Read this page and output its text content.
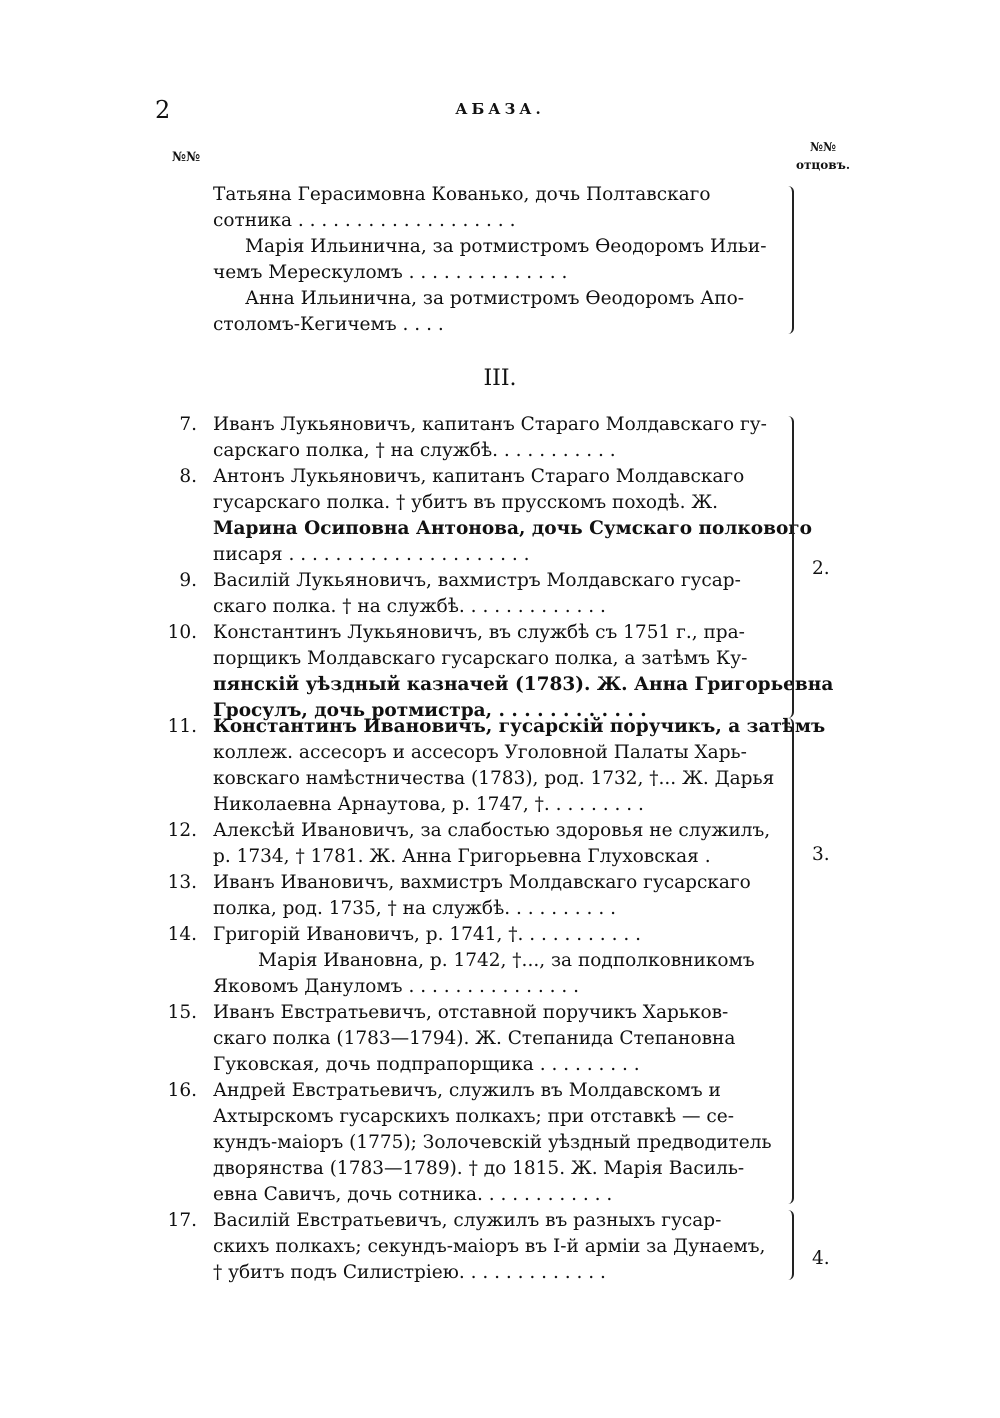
2	АБАЗА.
№№
№№ отцовъ.
Татьяна Герасимовна Кованько, дочь Полтавскаго
сотника . . . . . . . . . . . . . . . . . . .
Марія Ильинична, за ротмистромъ Өеодоромъ Ильи-
чемъ Мерескуломъ . . . . . . . . . . . . . .
Анна Ильинична, за ротмистромъ Өеодоромъ Апо-
столомъ-Кегичемъ . . . .
III.
7. Иванъ Лукьяновичъ, капитанъ Стараго Молдавскаго гу-
сарскаго полка, † на службѣ. . . . . . . . . . .
8. Антонъ Лукьяновичъ, капитанъ Стараго Молдавскаго
гусарскаго полка. † убитъ въ прусскомъ походѣ. Ж.
Марина Осиповна Антонова, дочь Сумскаго полкового
писаря . . . . . . . . . . . . . . . . . . . . .
9. Василій Лукьяновичъ, вахмистръ Молдавскаго гусар-
скаго полка. † на службѣ. . . . . . . . . . . . .
10. Константинъ Лукьяновичъ, въ службѣ съ 1751 г., пра-
порщикъ Молдавскаго гусарскаго полка, а затѣмъ Ку-
пянскій уѣздный казначей (1783). Ж. Анна Григорьевна
Гросулъ, дочь ротмистра, . . . . . . . . . . . .
2.
11. Константинъ Ивановичъ, гусарскій поручикъ, а затѣмъ
коллеж. ассесоръ и ассесоръ Уголовной Палаты Харь-
ковскаго намѣстничества (1783), род. 1732, †... Ж. Дарья
Николаевна Арнаутова, р. 1747, †. . . . . . . . .
12. Алексѣй Ивановичъ, за слабостью здоровья не служилъ,
р. 1734, † 1781. Ж. Анна Григорьевна Глуховская .
13. Иванъ Ивановичъ, вахмистръ Молдавскаго гусарскаго
полка, род. 1735, † на службѣ. . . . . . . . . .
14. Григорій Ивановичъ, р. 1741, †. . . . . . . . . . .
Марія Ивановна, р. 1742, †..., за подполковникомъ
Яковомъ Дануломъ . . . . . . . . . . . . . . .
15. Иванъ Евстратьевичъ, отставной поручикъ Харьков-
скаго полка (1783—1794). Ж. Степанида Степановна
Гуковская, дочь подпрапорщика . . . . . . . . .
16. Андрей Евстратьевичъ, служилъ въ Молдавскомъ и
Ахтырскомъ гусарскихъ полкахъ; при отставкѣ — се-
кундъ-маіоръ (1775); Золочевскій уѣздный предводитель
дворянства (1783—1789). † до 1815. Ж. Марія Василь-
евна Савичъ, дочь сотника. . . . . . . . . . . .
3.
17. Василій Евстратьевичъ, служилъ въ разныхъ гусар-
скихъ полкахъ; секундъ-маіоръ въ I-й арміи за Дунаемъ,
† убитъ подъ Силистріею. . . . . . . . . . . . .
4.
